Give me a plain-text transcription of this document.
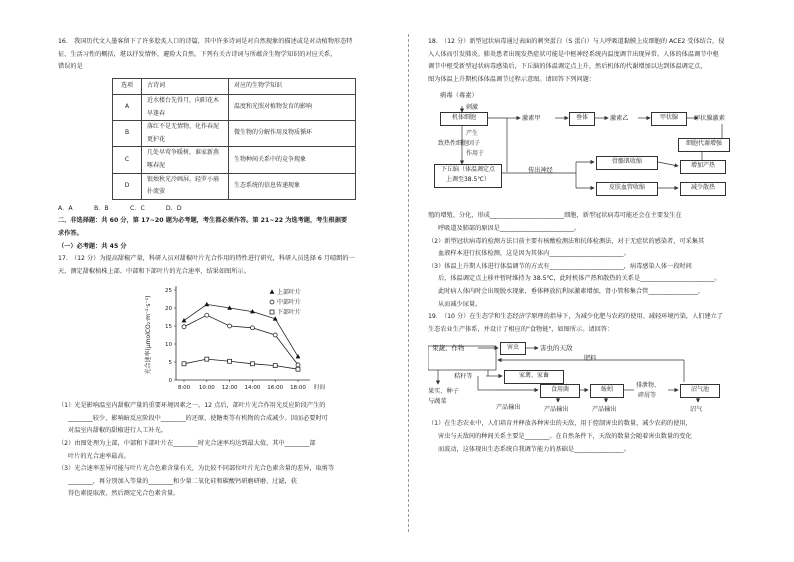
16.　我国历代文人墨客留下了许多脍炙人口的诗篇，其中许多诗词是对自然现象的描述或是对动植物形态特

征、生活习性的概括，堪以抒发情怀，避险大自然。下列有关古诗词与所蕴含生物学知识的对应关系，

错误的是

选项	古诗词	对应的生物学知识
A	近水楼台先得月，向阳花木早逢春	温度和光照对植物发育的影响
B	落红不是无情物，化作春泥更护花	微生物的分解作用及物质循环
C	几处早莺争暖树，谁家新燕啄春泥	生物种间关系中的竞争现象
D	银烛秋光冷画屏，轻罗小扇扑流萤	生态系统的信息传递现象

A．A	B．B	C．C	D．D

二、非选择题：共 60 分，第 17~20 题为必考题，考生都必须作答。第 21~22 为选考题，考生根据要

求作答。

（一）必考题：共 45 分

17.　（12 分）为提高甜椒产量，科研人员对甜椒叶片光合作用的特性进行研究，科研人员选择 6 月晴朗的一

天，测定甜椒植株上部、中部和下部叶片的光合速率，结果如图所示。

0
5
10
15
20
25
8:00 10:00 12:00 14:00 16:00 18:00 时间
光合速率(μmolCO₂·m⁻²·s⁻¹)
上部叶片
中部叶片
下部叶片

（1）光是影响温室内甜椒产量的重要环境因素之一。12 点后，部叶片光合作用光反应阶段产生的

________较少，影响暗反应阶段中________的还原，使糖类等有机物的合成减少。因而必要时可

对温室内甜椒的甜椒进行人工补光。

（2）由图处理为上部，中部和下部叶片在________时光合速率均达到最大值，其中________部

叶片的光合速率最高。

（3）光合速率差异可能与叶片光合色素含量有关，为比较不同部位叶片光合色素含量的差异，取剪等

________，再分别加入等量的________和少量二氧化硅和碳酸钙研磨研磨、过滤，获

得色素提取液，然后测定光合色素含量。

18.　（12 分）新型冠状病毒通过表面的刺突蛋白（S 蛋白）与人呼吸道黏膜上皮细胞的 ACE2 受体结合，侵

入人体而引发肺炎。肺炎患者出现发热症状可能是中枢神经系统内温度调节出现异常。人体的体温调节中枢

调节中枢受新型冠状病毒感染后，下丘脑的体温调定点上升，然后机体的代谢增加以达到体温调定点，

图为体温上升期机体体温调节过程示意图。请回答下列问题：

病毒（毒素）
刺激
机体细胞
产生
致热性细胞因子
作用于
下丘脑（体温调定点
上调至38.5℃）
激素甲	垂体	激素乙	甲状腺	甲状腺激素
细胞代谢增强
传出神经
骨骼肌收缩
皮肤血管收缩
增加产热
减少散热

殖的增殖、分化，形成________________________细胞，新型冠状病毒可能还会在主要发生在

呼吸道及肺部的原因是________________________。

（2）新型冠状病毒的检测方法目前主要有核酸检测法和抗体检测法，对于无症状的感染者，可采集其

血液样本进行抗体检测，这是因为其体内________________________。

（3）体温上升期人体进行体温调节的方式有________________________，病毒感染人体一段时间

后，体温调定点上移并暂时维持为 38.5℃，此时机体产热和散热的关系是________________________。

此时病人体内时会出现脱水现象，垂体释放抗利尿激素增加，肾小管和集合管________________，

从而减少尿量。

19.　（10 分）在生态学和生态经济学原理的指导下，为减少化肥与农药的使用、减轻环境污染，人们建立了

生态农业生产体系，并设计了相应的"食物链"，如图所示。请回答：

果蔬、作物	害虫	害虫的天敌
肥料
秸秆等	家禽、家畜
食用菌	蚯蚓
排泄物、
碎屑等
沼气池
果实、种子
与蔬菜
产品输出	产品输出	产品输出	沼气

（1）在生态农业中，人们培育并释放各种害虫的天敌，用于控制害虫的数量，减少农药的使用，

害虫与天敌间的种间关系主要是________。在自然条件下，天敌的数量会随着害虫数量的变化

而波动，这体现出生态系统自我调节能力的基础是________________。
